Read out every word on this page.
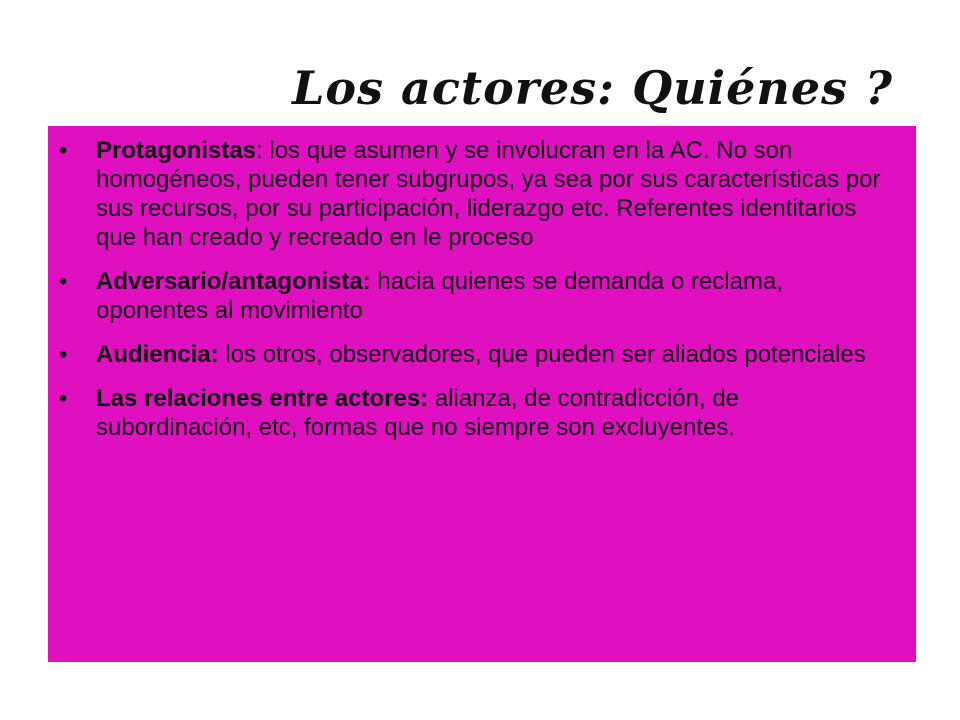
Los actores: Quiénes ?
• Protagonistas: los que asumen y se involucran en la AC. No son homogéneos, pueden tener subgrupos, ya sea por sus características por sus recursos, por su participación, liderazgo etc. Referentes identitarios que han creado y recreado en le proceso
• Adversario/antagonista: hacia quienes se demanda o reclama, oponentes al movimiento
• Audiencia: los otros, observadores, que pueden ser aliados potenciales
• Las relaciones entre actores: alianza, de contradicción, de subordinación, etc, formas que no siempre son excluyentes.
